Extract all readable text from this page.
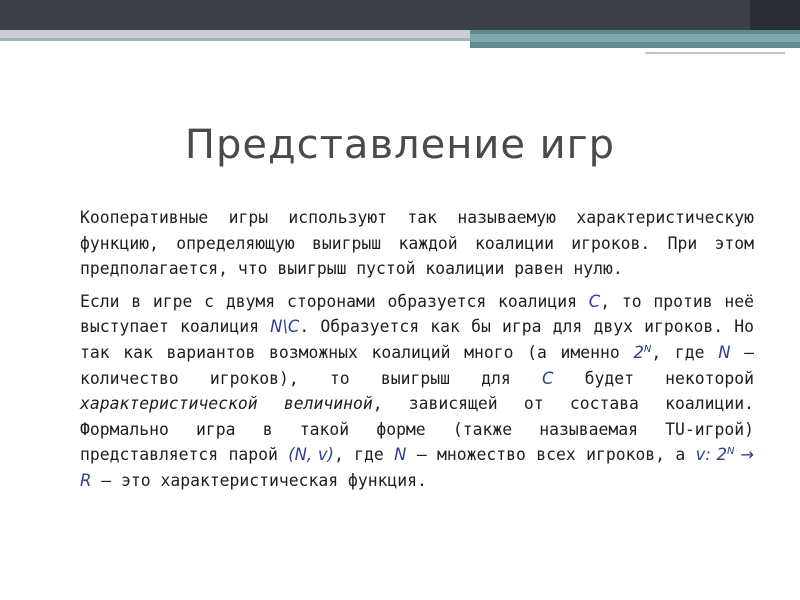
Представление игр

Кооперативные игры используют так называемую характеристическую функцию, определяющую выигрыш каждой коалиции игроков. При этом предполагается, что выигрыш пустой коалиции равен нулю.

Если в игре с двумя сторонами образуется коалиция C, то против неё выступает коалиция N\C. Образуется как бы игра для двух игроков. Но так как вариантов возможных коалиций много (а именно $2^N$, где N — количество игроков), то выигрыш для C будет некоторой характеристической величиной, зависящей от состава коалиции. Формально игра в такой форме (также называемая TU-игрой) представляется парой (N, v), где N — множество всех игроков, а v: $2^N \to R$ — это характеристическая функция.
